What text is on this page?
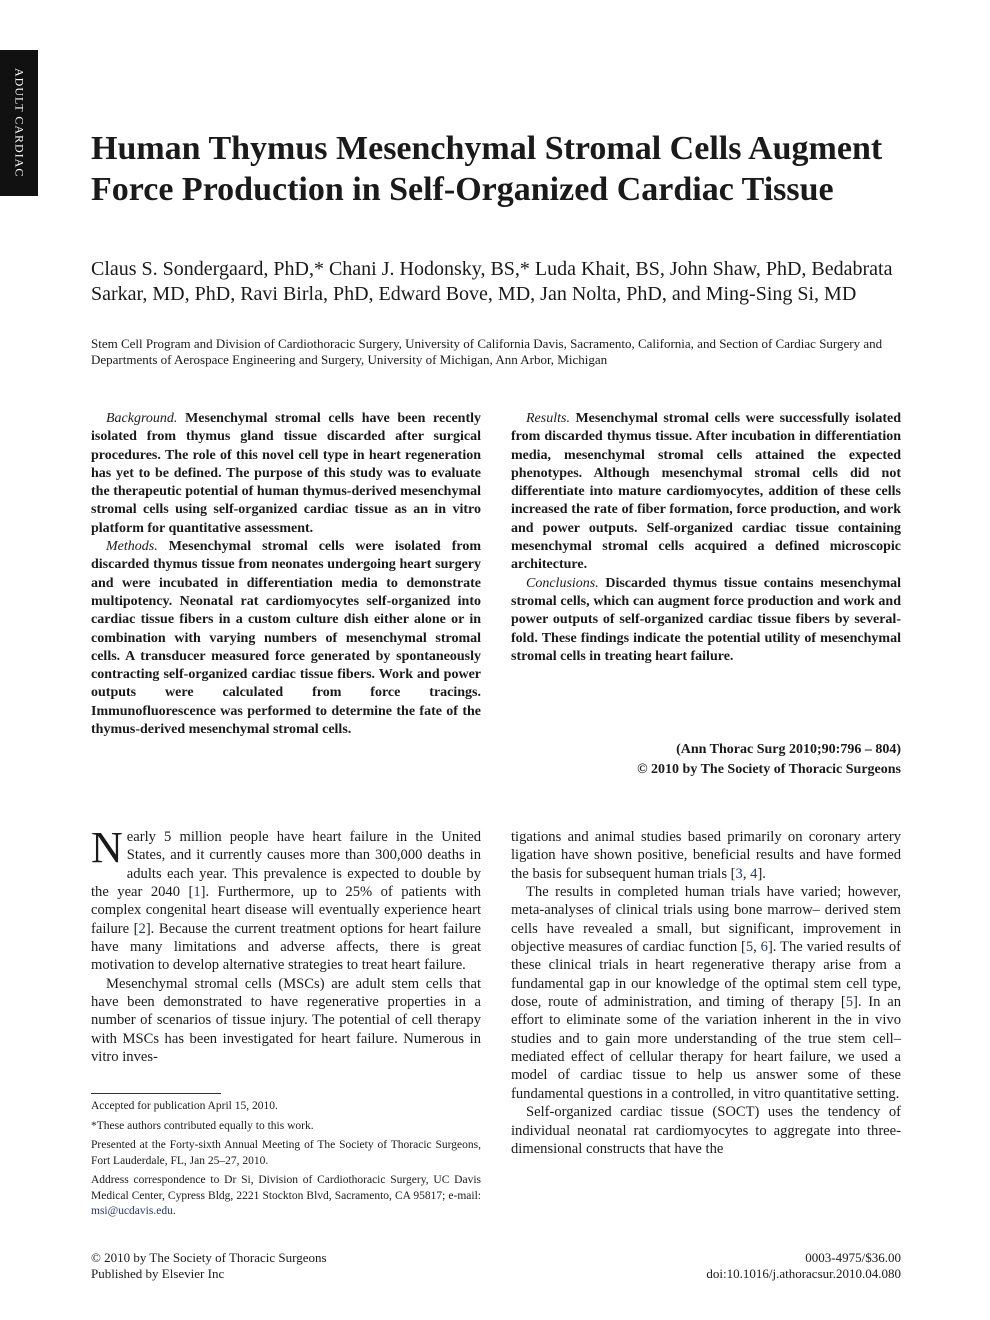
ADULT CARDIAC Human Thymus Mesenchymal Stromal Cells Augment Force Production in Self-Organized Cardiac Tissue
Claus S. Sondergaard, PhD,* Chani J. Hodonsky, BS,* Luda Khait, BS, John Shaw, PhD, Bedabrata Sarkar, MD, PhD, Ravi Birla, PhD, Edward Bove, MD, Jan Nolta, PhD, and Ming-Sing Si, MD
Stem Cell Program and Division of Cardiothoracic Surgery, University of California Davis, Sacramento, California, and Section of Cardiac Surgery and Departments of Aerospace Engineering and Surgery, University of Michigan, Ann Arbor, Michigan

Background. Mesenchymal stromal cells have been recently isolated from thymus gland tissue discarded after surgical procedures. The role of this novel cell type in heart regeneration has yet to be defined. The purpose of this study was to evaluate the therapeutic potential of human thymus-derived mesenchymal stromal cells using self-organized cardiac tissue as an in vitro platform for quantitative assessment.

Methods. Mesenchymal stromal cells were isolated from discarded thymus tissue from neonates undergoing heart surgery and were incubated in differentiation media to demonstrate multipotency. Neonatal rat cardiomyocytes self-organized into cardiac tissue fibers in a custom culture dish either alone or in combination with varying numbers of mesenchymal stromal cells. A transducer measured force generated by spontaneously contracting self-organized cardiac tissue fibers. Work and power outputs were calculated from force tracings. Immunofluorescence was performed to determine the fate of the thymus-derived mesenchymal stromal cells.

Results. Mesenchymal stromal cells were successfully isolated from discarded thymus tissue. After incubation in differentiation media, mesenchymal stromal cells attained the expected phenotypes. Although mesenchymal stromal cells did not differentiate into mature cardiomyocytes, addition of these cells increased the rate of fiber formation, force production, and work and power outputs. Self-organized cardiac tissue containing mesenchymal stromal cells acquired a defined microscopic architecture.

Conclusions. Discarded thymus tissue contains mesenchymal stromal cells, which can augment force production and work and power outputs of self-organized cardiac tissue fibers by several-fold. These findings indicate the potential utility of mesenchymal stromal cells in treating heart failure.

(Ann Thorac Surg 2010;90:796 – 804)
© 2010 by The Society of Thoracic Surgeons

Nearly 5 million people have heart failure in the United States, and it currently causes more than 300,000 deaths in adults each year. This prevalence is expected to double by the year 2040 [1]. Furthermore, up to 25% of patients with complex congenital heart disease will eventually experience heart failure [2]. Because the current treatment options for heart failure have many limitations and adverse affects, there is great motivation to develop alternative strategies to treat heart failure.

Mesenchymal stromal cells (MSCs) are adult stem cells that have been demonstrated to have regenerative properties in a number of scenarios of tissue injury. The potential of cell therapy with MSCs has been investigated for heart failure. Numerous in vitro inves-

Accepted for publication April 15, 2010.

*These authors contributed equally to this work.

Presented at the Forty-sixth Annual Meeting of The Society of Thoracic Surgeons, Fort Lauderdale, FL, Jan 25–27, 2010.

Address correspondence to Dr Si, Division of Cardiothoracic Surgery, UC Davis Medical Center, Cypress Bldg, 2221 Stockton Blvd, Sacramento, CA 95817; e-mail: msi@ucdavis.edu.

tigations and animal studies based primarily on coronary artery ligation have shown positive, beneficial results and have formed the basis for subsequent human trials [3, 4].

The results in completed human trials have varied; however, meta-analyses of clinical trials using bone marrow– derived stem cells have revealed a small, but significant, improvement in objective measures of cardiac function [5, 6]. The varied results of these clinical trials in heart regenerative therapy arise from a fundamental gap in our knowledge of the optimal stem cell type, dose, route of administration, and timing of therapy [5]. In an effort to eliminate some of the variation inherent in the in vivo studies and to gain more understanding of the true stem cell–mediated effect of cellular therapy for heart failure, we used a model of cardiac tissue to help us answer some of these fundamental questions in a controlled, in vitro quantitative setting.

Self-organized cardiac tissue (SOCT) uses the tendency of individual neonatal rat cardiomyocytes to aggregate into three-dimensional constructs that have the

© 2010 by The Society of Thoracic Surgeons
Published by Elsevier Inc
0003-4975/$36.00
doi:10.1016/j.athoracsur.2010.04.080
